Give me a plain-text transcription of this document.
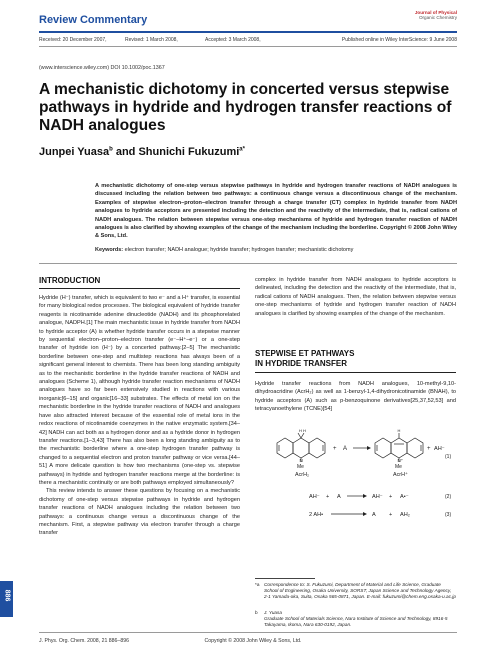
Review Commentary
Journal of Physical
Organic Chemistry
Received: 20 December 2007,	Revised: 1 March 2008,	Accepted: 3 March 2008,	Published online in Wiley InterScience: 9 June 2008
(www.interscience.wiley.com) DOI 10.1002/poc.1367
A mechanistic dichotomy in concerted versus stepwise pathways in hydride and hydrogen transfer reactions of NADH analogues
Junpei Yuasa$^b$ and Shunichi Fukuzumi$^{a*}$
A mechanistic dichotomy of one-step versus stepwise pathways in hydride and hydrogen transfer reactions of NADH analogues is discussed including the relation between two pathways: a continuous change versus a discontinuous change of the mechanism. Examples of stepwise electron–proton–electron transfer through a charge transfer (CT) complex in hydride transfer from NADH analogues to hydride acceptors are presented including the detection and the reactivity of the intermediate, that is, radical cations of NADH analogues. The relation between stepwise versus one-step mechanisms of hydride and hydrogen transfer reaction of NADH analogues is also clarified by showing examples of the change of the mechanism including the borderline. Copyright © 2008 John Wiley & Sons, Ltd.
Keywords: electron transfer; NADH analogue; hydride transfer; hydrogen transfer; mechanistic dichotomy
INTRODUCTION

Hydride (H⁻) transfer, which is equivalent to two e⁻ and a H⁺ transfer, is essential for many biological redox processes. The biological equivalent of hydride transfer reagents is nicotinamide adenine dinucleotide (NADH) and its phosphorelated analogue, NADPH.[1] The main mechanistic issue in hydride transfer from NADH to hydride acceptor (A) is whether hydride transfer occurs in a stepwise manner by sequential electron–proton–electron transfer (e⁻–H⁺–e⁻) or a one-step transfer of hydride ion (H⁻) by a concerted pathway.[2–5] The mechanistic borderline between one-step and multistep reactions has always been of a significant general interest to chemists. There has been long standing ambiguity as to the mechanistic borderline in the hydride transfer reactions of NADH and analogues (Scheme 1), although hydride transfer reaction mechanisms of NADH analogues have so far been extensively studied in reactions with various inorganic[6–15] and organic[16–33] substrates. The effects of metal ion on the mechanistic borderline in the hydride transfer reactions of NADH and analogues have also attracted interest because of the essential role of metal ions in the redox reactions of nicotinamide coenzymes in the native enzymatic system.[34–42] NADH can act both as a hydrogen donor and as a hydride donor in hydrogen transfer reactions.[1–3,43] There has also been a long standing ambiguity as to the mechanistic borderline where a one-step hydrogen transfer pathway is changed to a sequential electron and proton transfer pathway or vice versa.[44–51] A more delicate question is how two mechanisms (one-step vs. stepwise pathways) in hydride and hydrogen transfer reactions merge at the borderline: is there a mechanistic continuity or are both pathways employed simultaneously?

This review intends to answer these questions by focusing on a mechanistic dichotomy of one-step versus stepwise pathways in hydride and hydrogen transfer reactions of NADH analogues including the relation between two pathways: a continuous change versus a discontinuous change of the mechanism. First, a stepwise pathway via electron transfer through a charge transfer

complex in hydride transfer from NADH analogues to hydride acceptors is delineated, including the detection and the reactivity of the intermediate, that is, radical cations of NADH analogues. Then, the relation between stepwise versus one-step mechanisms of hydride and hydrogen transfer reaction of NADH analogues is clarified by showing examples of the change of the mechanism.

STEPWISE ET PATHWAYS
IN HYDRIDE TRANSFER

Hydride transfer reactions from NADH analogues, 10-methyl-9,10-dihydroacridine (AcrH₂) as well as 1-benzyl-1,4-dihydronicotinamide (BNAH), to hydride acceptors (A) such as p-benzoquinone derivatives[25,37,52,53] and tetracyanoethylene (TCNE)[54]

H H
N
Me
AcrH₂
+ A
H
N⁺
Me
AcrH⁺
+ AH⁻
(1)
AH⁻ + A	AH⁻ + A•⁻	(2)
2 AH•	A + AH₂	(3)
*a Correspondence to: S. Fukuzumi, Department of Material and Life Science, Graduate School of Engineering, Osaka University, SORST, Japan Science and Technology Agency, 2-1 Yamada-oka, Suita, Osaka 565-0871, Japan. E-mail: fukuzumi@chem.eng.osaka-u.ac.jp
b J. Yuasa
Graduate School of Materials Science, Nara Institute of Science and Technology, 8916-5 Takayama, Ikoma, Nara 630-0192, Japan.
886
J. Phys. Org. Chem. 2008, 21 886–896	Copyright © 2008 John Wiley & Sons, Ltd.
